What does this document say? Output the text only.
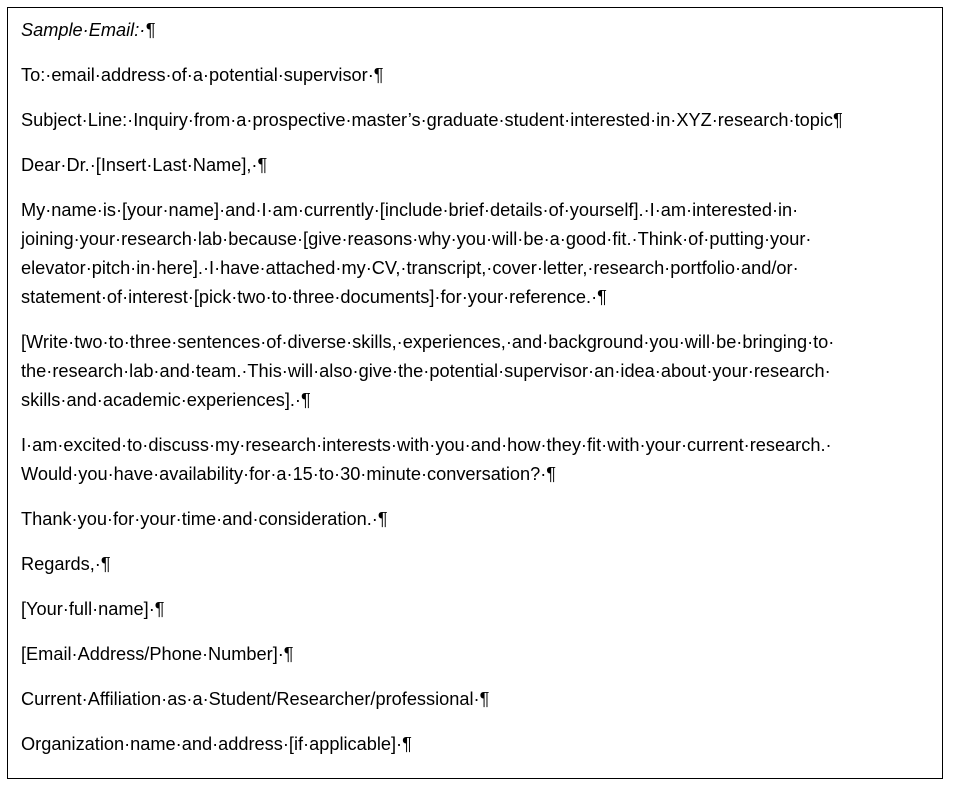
Sample·Email:·¶

To:·email·address·of·a·potential·supervisor·¶

Subject·Line:·Inquiry·from·a·prospective·master’s·graduate·student·interested·in·XYZ·research·topic¶

Dear·Dr.·[Insert·Last·Name],·¶

My·name·is·[your·name]·and·I·am·currently·[include·brief·details·of·yourself].·I·am·interested·in· joining·your·research·lab·because·[give·reasons·why·you·will·be·a·good·fit.·Think·of·putting·your· elevator·pitch·in·here].·I·have·attached·my·CV,·transcript,·cover·letter,·research·portfolio·and/or· statement·of·interest·[pick·two·to·three·documents]·for·your·reference.·¶

[Write·two·to·three·sentences·of·diverse·skills,·experiences,·and·background·you·will·be·bringing·to· the·research·lab·and·team.·This·will·also·give·the·potential·supervisor·an·idea·about·your·research· skills·and·academic·experiences].·¶

I·am·excited·to·discuss·my·research·interests·with·you·and·how·they·fit·with·your·current·research.· Would·you·have·availability·for·a·15·to·30·minute·conversation?·¶

Thank·you·for·your·time·and·consideration.·¶

Regards,·¶

[Your·full·name]·¶

[Email·Address/Phone·Number]·¶

Current·Affiliation·as·a·Student/Researcher/professional·¶

Organization·name·and·address·[if·applicable]·¶
